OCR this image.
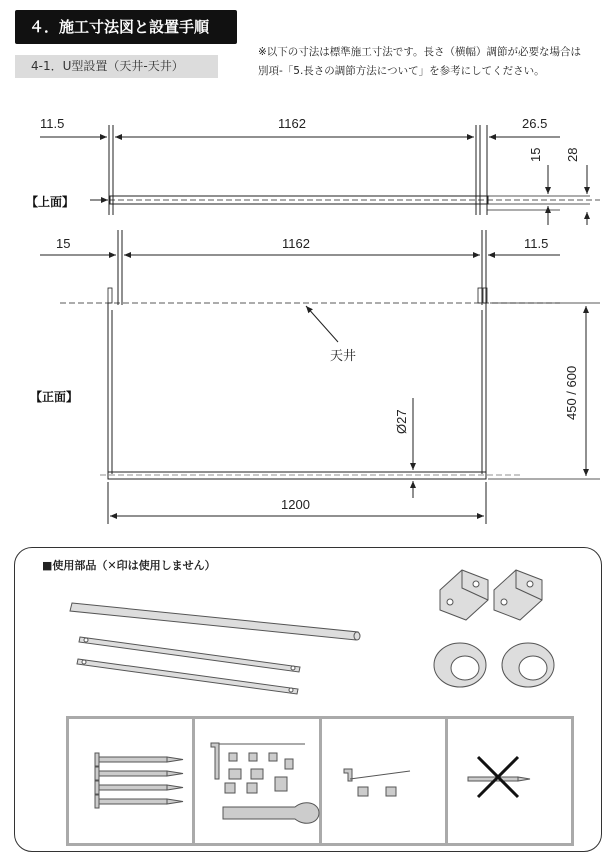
４．施工寸法図と設置手順
4-1．U型設置（天井-天井）
※以下の寸法は標準施工寸法です。長さ（横幅）調節が必要な場合は
別項-「5.長さの調節方法について」を参考にしてください。
【上面】
【正面】
11.5	1162	26.5
15 28
15	1162	11.5
天井
Ø27
450 / 600
1200
■使用部品（✕印は使用しません）
